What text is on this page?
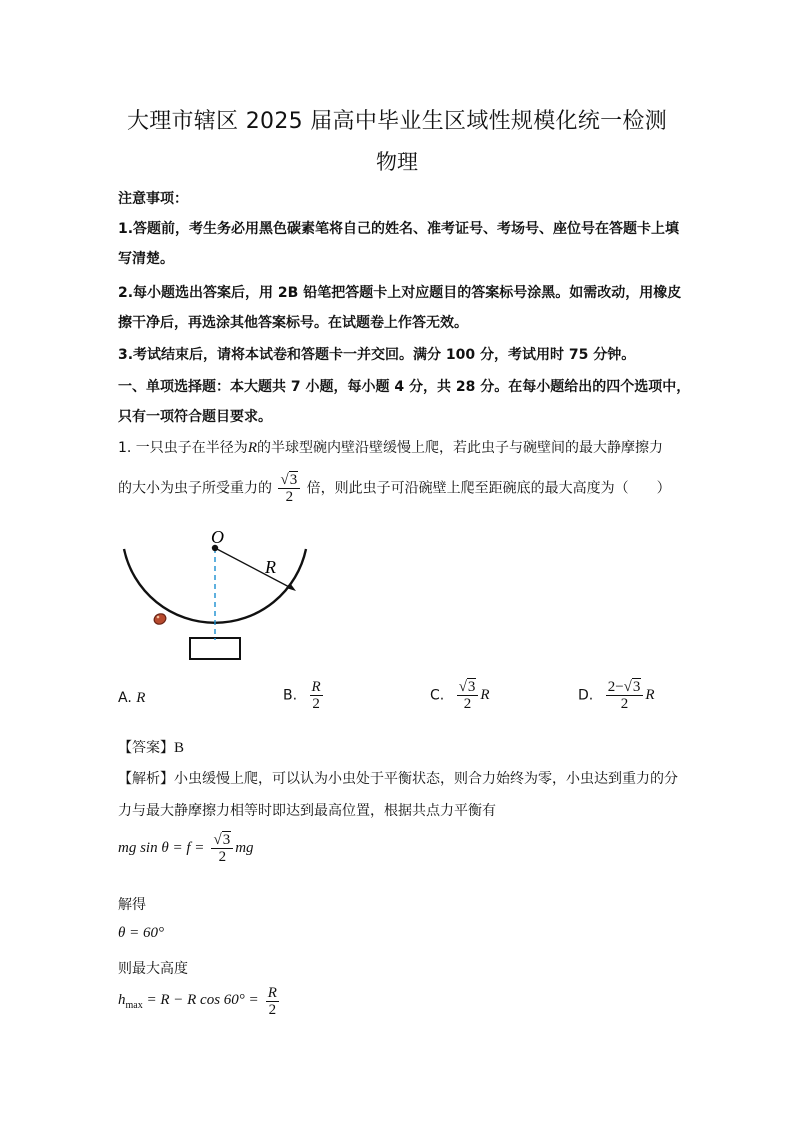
大理市辖区 2025 届高中毕业生区域性规模化统一检测
物理
注意事项：
1.答题前，考生务必用黑色碳素笔将自己的姓名、准考证号、考场号、座位号在答题卡上填
写清楚。
2.每小题选出答案后，用 2B 铅笔把答题卡上对应题目的答案标号涂黑。如需改动，用橡皮
擦干净后，再选涂其他答案标号。在试题卷上作答无效。
3.考试结束后，请将本试卷和答题卡一并交回。满分 100 分，考试用时 75 分钟。
一、单项选择题：本大题共 7 小题，每小题 4 分，共 28 分。在每小题给出的四个选项中，
只有一项符合题目要求。
1. 一只虫子在半径为R的半球型碗内壁沿壁缓慢上爬，若此虫子与碗壁间的最大静摩擦力
的大小为虫子所受重力的 $\frac{√3}{2}$ 倍，则此虫子可沿碗壁上爬至距碗底的最大高度为（　　）
O
R
A. R	B. $\frac{R}{2}$	C. $\frac{√3}{2}$ R	D. $\frac{2-√3}{2}$ R
【答案】B
【解析】小虫缓慢上爬，可以认为小虫处于平衡状态，则合力始终为零，小虫达到重力的分
力与最大静摩擦力相等时即达到最高位置，根据共点力平衡有
mg $\sin \theta = f = \frac{√3}{2}$ mg
解得
θ = 60°
则最大高度
$h_{max} = R - R$ $\cos 60^\circ = \frac{R}{2}$
